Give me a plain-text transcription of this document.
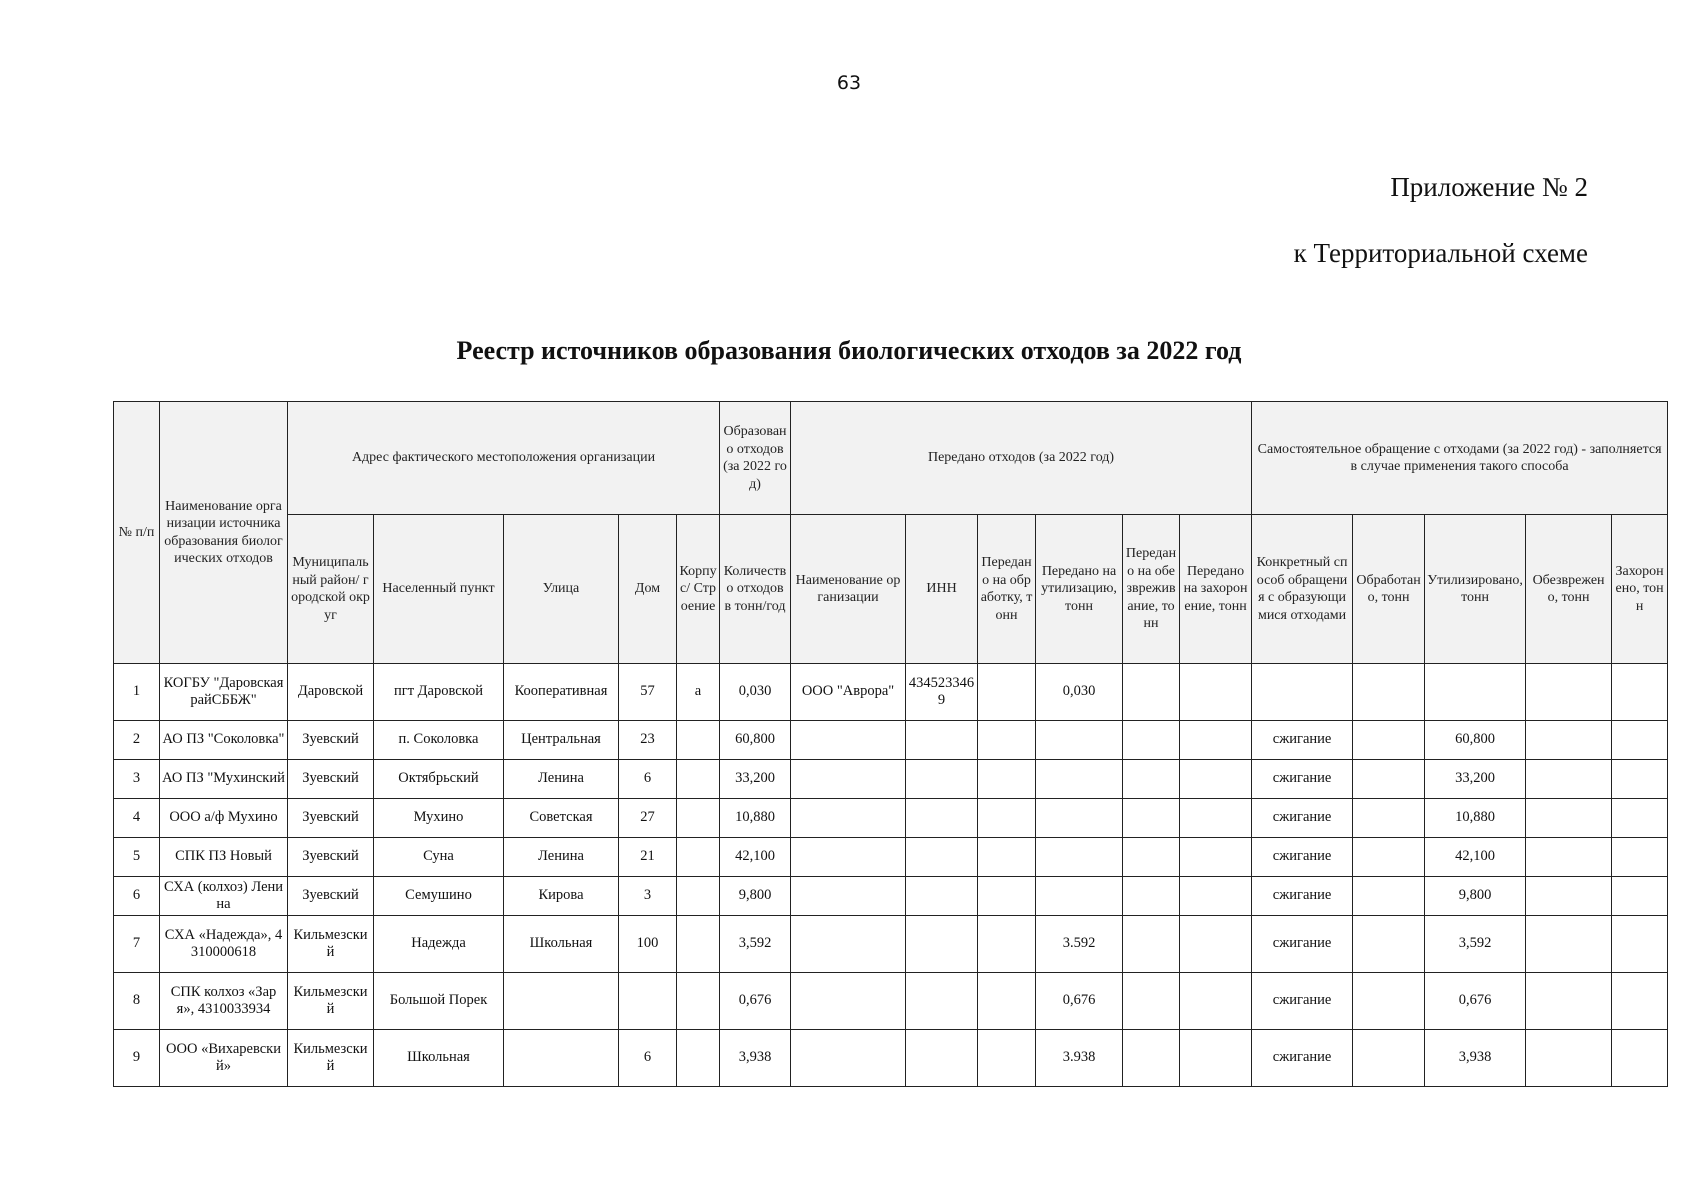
63
Приложение № 2
к Территориальной схеме
Реестр источников образования биологических отходов за 2022 год
№ п/п	Наименование организации источника образования биологических отходов	Адрес фактического местоположения организации					Образовано отходов (за 2022 год)	Передано отходов (за 2022 год)						Самостоятельное обращение с отходами (за 2022 год) - заполняется в случае применения такого способа				
		Муниципальный район/ городской округ	Населенный пункт	Улица	Дом	Корпус/ Строение	Количество отходов в тонн/год	Наименование организации	ИНН	Передано на обработку, тонн	Передано на утилизацию, тонн	Передано на обезвреживание, тонн	Передано на захоронение, тонн	Конкретный способ обращения с образующимися отходами	Обработано, тонн	Утилизировано, тонн	Обезврежено, тонн	Захоронено, тонн
1	КОГБУ "Даровская райСББЖ"	Даровской	пгт Даровской	Кооперативная	57	а	0,030	ООО "Аврора"	4345233469		0,030							
2	АО ПЗ "Соколовка"	Зуевский	п. Соколовка	Центральная	23		60,800							сжигание		60,800		
3	АО ПЗ "Мухинский	Зуевский	Октябрьский	Ленина	6		33,200							сжигание		33,200		
4	ООО а/ф Мухино	Зуевский	Мухино	Советская	27		10,880							сжигание		10,880		
5	СПК ПЗ Новый	Зуевский	Суна	Ленина	21		42,100							сжигание		42,100		
6	СХА (колхоз) Ленина	Зуевский	Семушино	Кирова	3		9,800							сжигание		9,800		
7	СХА «Надежда», 4310000618	Кильмезский	Надежда	Школьная	100		3,592				3.592			сжигание		3,592		
8	СПК колхоз «Заря», 4310033934	Кильмезский	Большой Порек				0,676				0,676			сжигание		0,676		
9	ООО «Вихаревский»	Кильмезский	Школьная		6		3,938				3.938			сжигание		3,938		
